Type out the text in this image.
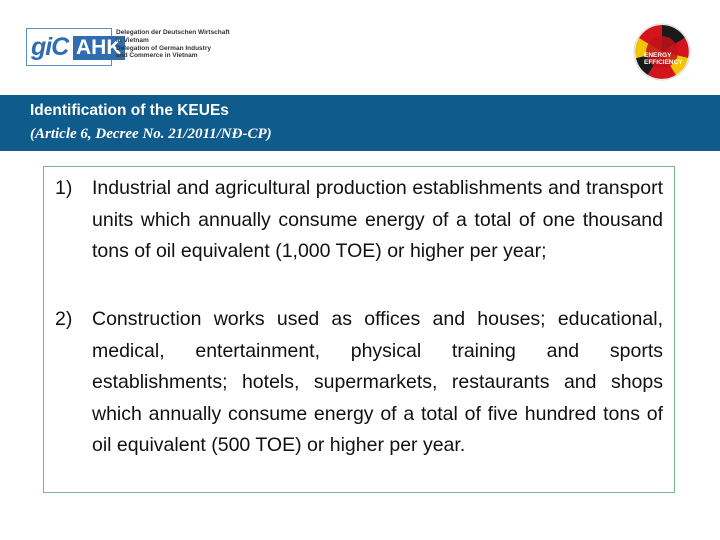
giC AHK
Delegation der Deutschen Wirtschaft
in Vietnam
Delegation of German Industry
and Commerce in Vietnam	ENERGY
EFFICIENCY
Identification of the KEUEs
(Article 6, Decree No. 21/2011/NĐ-CP)
1)	Industrial and agricultural production establishments and transport units which annually consume energy of a total of one thousand tons of oil equivalent (1,000 TOE) or higher per year;
2)	Construction works used as offices and houses; educational, medical, entertainment, physical training and sports establishments; hotels, supermarkets, restaurants and shops which annually consume energy of a total of five hundred tons of oil equivalent (500 TOE) or higher per year.
